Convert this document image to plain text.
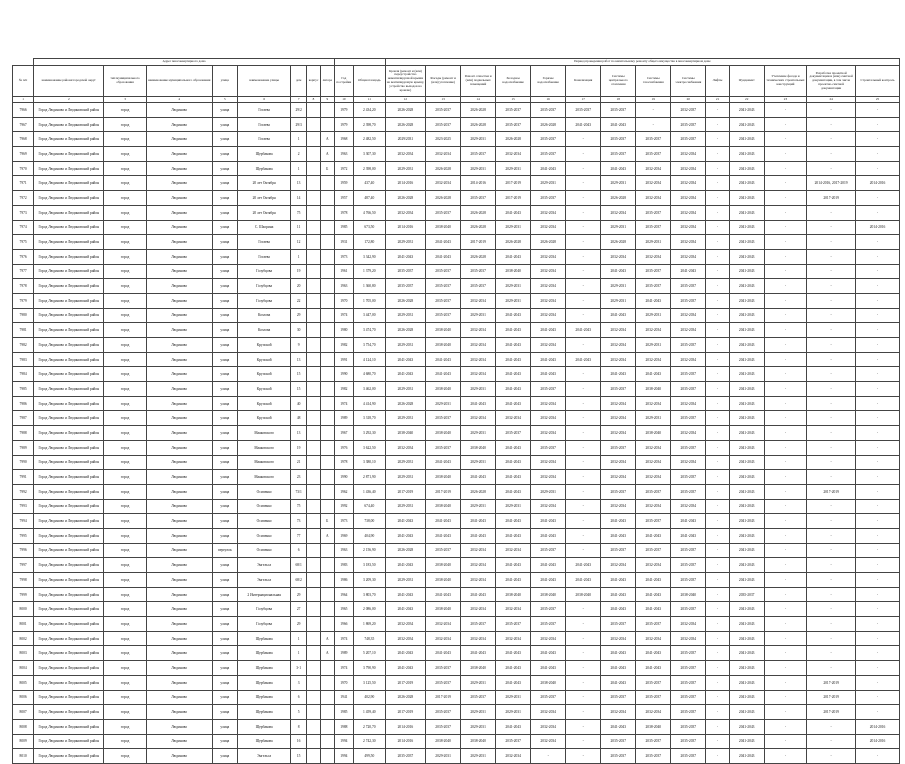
	Адрес многоквартирного дома										Период проведения работ по капитальному ремонту общего имущества в многоквартирном доме													
№ п/п	наименование района/городской округ	тип муниципального образования	наименование муниципального образования	улица	наименование улицы	дом	корпус	литера	Год постройки	Общая площадь	Кровля (ремонт и (или) переустройство невентилируемой крыши на вентилируемую крышу, устройство выходов на кровлю)	Фасады (ремонт и (или) утепление)	Ремонт отмостки и (или) подвальных помещений	Холодное водоснабжение	Горячее водоснабжение	Канализация	Системы центрального отопления	Системы газоснабжения	Системы электроснабжения	Лифты	Фундамент	Утепление фасада и технических строительных конструкций	Разработка проектной документации и (или) сметной документации, в том числе проектно-сметной документации	Строительный контроль
1	2	3	4	5	6	7	8	9	10	11	12	13	14	15	16	17	18	19	20	21	22	23	24	25
7966	Город Людиново и Людиновский район	город	Людиново	улица	Гогаева	29/2			1979	2 434,20	2026-2028	2035-2037	2026-2028	2035-2037	2035-2037	2035-2037	2035-2037	-	2032-2037	-	2041-2043	-	-	-
7967	Город Людиново и Людиновский район	город	Людиново	улица	Гогаева	29/3			1979	2 398,70	2026-2028	2035-2037	2026-2028	2035-2037	2026-2028	2041-2043	2041-2043	-	2035-2037	-	2041-2043	-	-	-
7968	Город Людиново и Людиновский район	город	Людиново	улица	Гогаева	1		А	1968	2 482,50	2029/2031	2023-2025	2029-2031	2026-2028	2035-2037	-	2035-2037	2035-2037	2035-2037	-	2041-2043	-	-	-
7969	Город Людиново и Людиновский район	город	Людиново	улица	Щербакова	2		А	1963	3 307,30	2032-2034	2032-2034	2035-2037	2032-2034	2035-2037	-	2035-2037	2035-2037	2032-2034	-	2041-2043	-	-	-
7970	Город Людиново и Людиновский район	город	Людиново	улица	Щербакова	1		Б	1972	2 398,00	2029-2031	2026-2028	2029-2031	2029-2031	2041-2043	-	2041-2043	2032-2034	2032-2034	-	2041-2043	-	-	-
7971	Город Людиново и Людиновский район	город	Людиново	улица	20 лет Октября	13			1959	437,40	2014-2016	2032-2034	2014-2016	2017-2019	2029-2031	-	2029-2031	2032-2034	2032-2034	-	2041-2043	-	2014-2016, 2017-2019	2014-2016
7972	Город Людиново и Людиновский район	город	Людиново	улица	20 лет Октября	14			1957	487,40	2026-2028	2026-2028	2035-2037	2017-2019	2035-2037	-	2026-2028	2032-2034	2032-2034	-	2041-2043	-	2017-2019	-
7973	Город Людиново и Людиновский район	город	Людиново	улица	20 лет Октября	75			1978	4 766,50	2032-2034	2035-2037	2026-2028	2041-2043	2032-2034	-	2032-2034	2035-2037	2032-2034	-	2041-2043	-	-	-
7974	Город Людиново и Людиновский район	город	Людиново	улица	С. Шаорина	11			1985	673,50	2014-2016	2038-2040	2026-2028	2029-2031	2032-2034	-	2029-2031	2035-2037	2032-2034	-	2041-2043	-	-	2014-2016
7975	Город Людиново и Людиновский район	город	Людиново	улица	Гогаева	12			1931	172,80	2029-2031	2041-2043	2017-2019	2026-2028	2026-2028	-	2026-2028	2029-2031	2032-2034	-	2041-2043	-	-	-
7976	Город Людиново и Людиновский район	город	Людиново	улица	Гогаева	1			1973	3 342,90	2041-2043	2041-2043	2026-2028	2041-2043	2032-2034	-	2032-2034	2032-2034	2032-2034	-	2041-2043	-	-	-
7977	Город Людиново и Людиновский район	город	Людиново	улица	Голубцова	19			1961	1 379,20	2035-2037	2035-2037	2035-2037	2038-2040	2032-2034	-	2041-2043	2035-2037	2041-2043	-	2041-2043	-	-	-
7978	Город Людиново и Людиновский район	город	Людиново	улица	Голубцова	20			1963	1 360,80	2035-2037	2035-2037	2035-2037	2029-2031	2032-2034	-	2029-2031	2035-2037	2035-2037	-	2041-2043	-	-	-
7979	Город Людиново и Людиновский район	город	Людиново	улица	Голубцова	22			1970	1 705,00	2026-2028	2035-2037	2032-2034	2029-2031	2032-2034	-	2029-2031	2041-2043	2035-2037	-	2041-2043	-	-	-
7980	Город Людиново и Людиновский район	город	Людиново	улица	Козлова	29			1974	3 447,00	2029-2031	2035-2037	2029-2031	2041-2043	2032-2034	-	2041-2043	2029-2031	2032-2034	-	2041-2043	-	-	-
7981	Город Людиново и Людиновский район	город	Людиново	улица	Козлова	30			1980	3 474,70	2026-2028	2038-2040	2032-2034	2041-2043	2041-2043	2041-2043	2032-2034	2032-2034	2032-2034	-	2041-2043	-	-	-
7982	Город Людиново и Людиновский район	город	Людиново	улица	Крупской	9			1982	3 754,70	2029-2031	2038-2040	2032-2034	2041-2043	2032-2034	-	2032-2034	2029-2031	2035-2037	-	2041-2043	-	-	-
7983	Город Людиново и Людиновский район	город	Людиново	улица	Крупской	13			1991	4 124,10	2041-2043	2041-2043	2032-2034	2041-2043	2041-2043	2041-2043	2032-2034	2032-2034	2032-2034	-	2041-2043	-	-	-
7984	Город Людиново и Людиновский район	город	Людиново	улица	Крупской	15			1990	4 680,70	2041-2043	2041-2043	2032-2034	2041-2043	2041-2043	-	2041-2043	2041-2043	2035-2037	-	2041-2043	-	-	-
7985	Город Людиново и Людиновский район	город	Людиново	улица	Крупской	15			1982	3 462,00	2029-2031	2038-2040	2029-2031	2041-2043	2035-2037	-	2035-2037	2038-2040	2035-2037	-	2041-2043	-	-	-
7986	Город Людиново и Людиновский район	город	Людиново	улица	Крупской	40			1974	4 414,90	2026-2028	2029-2031	2041-2043	2041-2043	2032-2034	-	2032-2034	2032-2034	2032-2034	-	2041-2043	-	-	-
7987	Город Людиново и Людиновский район	город	Людиново	улица	Крупской	48			1989	3 318,70	2029-2031	2035-2037	2032-2034	2032-2034	2032-2034	-	2032-2034	2029-2031	2035-2037	-	2041-2043	-	-	-
7988	Город Людиново и Людиновский район	город	Людиново	улица	Маяковского	13			1967	3 292,30	2038-2040	2038-2040	2029-2031	2035-2037	2032-2034	-	2032-2034	2038-2040	2032-2034	-	2041-2043	-	-	-
7989	Город Людиново и Людиновский район	город	Людиново	улица	Маяковского	19			1976	3 622,50	2032-2034	2035-2037	2038-2040	2041-2043	2035-2037	-	2035-2037	2032-2034	2035-2037	-	2041-2043	-	-	-
7990	Город Людиново и Людиновский район	город	Людиново	улица	Маяковского	21			1978	3 380,10	2029-2031	2041-2043	2029-2031	2041-2043	2032-2034	-	2032-2034	2032-2034	2032-2034	-	2041-2043	-	-	-
7991	Город Людиново и Людиновский район	город	Людиново	улица	Маяковского	23			1990	2 871,90	2029-2031	2038-2040	2041-2043	2041-2043	2032-2034	-	2032-2034	2032-2034	2035-2037	-	2041-2043	-	-	-
7992	Город Людиново и Людиновский район	город	Людиново	улица	Осипенко	73/1			1962	1 436,40	2017-2019	2017-2019	2026-2028	2041-2043	2029-2031	-	2035-2037	2035-2037	2035-2037	-	2041-2043	-	2017-2019	-
7993	Город Людиново и Людиновский район	город	Людиново	улица	Осипенко	75			1992	674,40	2029-2031	2038-2040	2029-2031	2029-2031	2032-2034	-	2032-2034	2032-2034	2032-2034	-	2041-2043	-	-	-
7994	Город Людиново и Людиновский район	город	Людиново	улица	Осипенко	73		Б	1973	738,00	2041-2043	2041-2043	2041-2043	2041-2043	2041-2043	-	2041-2043	2035-2037	2041-2043	-	2041-2043	-	-	-
7995	Город Людиново и Людиновский район	город	Людиново	улица	Осипенко	77		А	1969	404,90	2041-2043	2041-2043	2041-2043	2041-2043	2041-2043	-	2041-2043	2041-2043	2041-2043	-	2041-2043	-	-	-
7996	Город Людиново и Людиновский район	город	Людиново	переулок	Осипенко	6			1963	2 156,90	2026-2028	2035-2037	2032-2034	2032-2034	2035-2037	-	2035-2037	2035-2037	2035-2037	-	2041-2043	-	-	-
7997	Город Людиново и Людиновский район	город	Людиново	улица	Энгельса	68/1			1983	3 183,50	2041-2043	2038-2040	2032-2034	2041-2043	2041-2043	2041-2043	2032-2034	2032-2034	2035-2037	-	2041-2043	-	-	-
7998	Город Людиново и Людиновский район	город	Людиново	улица	Энгельса	68/2			1986	3 209,30	2029-2031	2038-2040	2032-2034	2041-2043	2041-2043	2041-2043	2041-2043	2041-2043	2035-2037	-	2041-2043	-	-	-
7999	Город Людиново и Людиновский район	город	Людиново	улица	2 Интернациональная	29			1964	3 803,70	2041-2043	2041-2043	2041-2043	2038-2040	2038-2040	2038-2040	2041-2043	2041-2043	2038-2040	-	2035-2037	-	-	-
8000	Город Людиново и Людиновский район	город	Людиново	улица	Голубцова	27			1965	2 086,00	2041-2043	2038-2040	2032-2034	2032-2034	2035-2037	-	2041-2043	2041-2043	2035-2037	-	2041-2043	-	-	-
8001	Город Людиново и Людиновский район	город	Людиново	улица	Голубцова	29			1966	1 869,20	2032-2034	2032-2034	2035-2037	2035-2037	2035-2037	-	2035-2037	2035-2037	2032-2034	-	2041-2043	-	-	-
8002	Город Людиново и Людиновский район	город	Людиново	улица	Щербакова	1		А	1974	748,35	2032-2034	2032-2034	2032-2034	2032-2034	2032-2034	-	2032-2034	2032-2034	2032-2034	-	2041-2043	-	-	-
8003	Город Людиново и Людиновский район	город	Людиново	улица	Щербакова	1		А	1989	5 207,10	2041-2043	2041-2043	2041-2043	2041-2043	2041-2043	-	2041-2043	2041-2043	2035-2037	-	2041-2043	-	-	-
8004	Город Людиново и Людиновский район	город	Людиново	улица	Щербакова	3-1			1974	3 790,90	2041-2043	2035-2037	2038-2040	2041-2043	2041-2043	-	2041-2043	2041-2043	2035-2037	-	2041-2043	-	-	-
8005	Город Людиново и Людиновский район	город	Людиново	улица	Щербакова	3			1970	3 125,50	2017-2019	2035-2037	2029-2031	2041-2043	2038-2040	-	2041-2043	2035-2037	2035-2037	-	2041-2043	-	2017-2019	-
8006	Город Людиново и Людиновский район	город	Людиново	улица	Щербакова	6			1941	402,90	2026-2028	2017-2019	2035-2037	2029-2031	2035-2037	-	2035-2037	2035-2037	2035-2037	-	2041-2043	-	2017-2019	-
8007	Город Людиново и Людиновский район	город	Людиново	улица	Щербакова	5			1985	1 459,40	2017-2019	2035-2037	2029-2031	2029-2031	2032-2034	-	2032-2034	2032-2034	2035-2037	-	2041-2043	-	2017-2019	-
8008	Город Людиново и Людиновский район	город	Людиново	улица	Щербакова	8			1988	2 720,70	2014-2016	2035-2037	2029-2031	2041-2043	2032-2034	-	2041-2043	2038-2040	2035-2037	-	2041-2043	-	-	2014-2016
8009	Город Людиново и Людиновский район	город	Людиново	улица	Щербакова	16			1994	2 742,30	2014-2016	2038-2040	2038-2040	2035-2037	2032-2034	-	2035-2037	2035-2037	2035-2037	-	2041-2043	-	-	2014-2016
8010	Город Людиново и Людиновский район	город	Людиново	улица	Энгельса	15			1994	499,50	2035-2037	2029-2031	2029-2031	2032-2034	-	-	2035-2037	2035-2037	2035-2037	-	2041-2043	-	-	-
